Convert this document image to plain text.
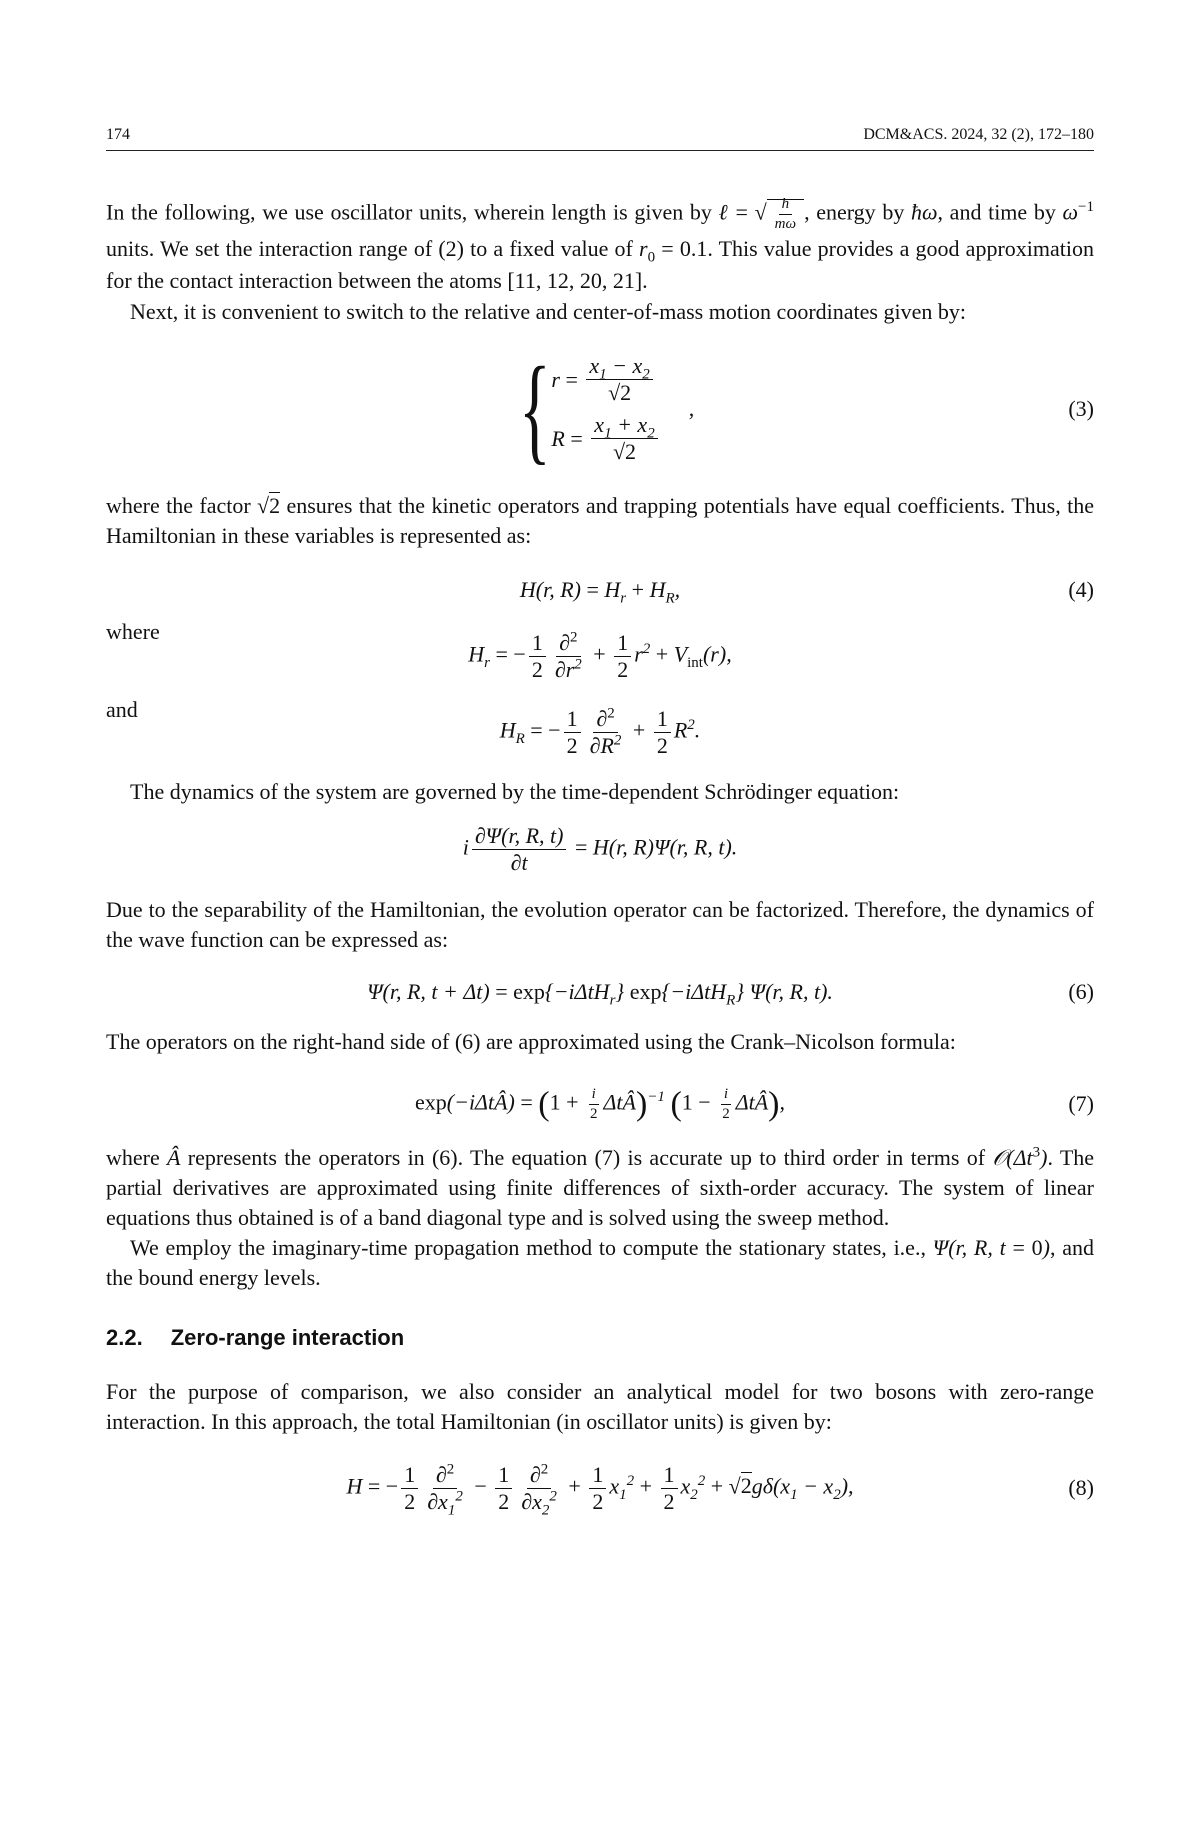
174	DCM&ACS. 2024, 32 (2), 172–180

In the following, we use oscillator units, wherein length is given by ℓ = √ $\frac{ħ}{m\omega}$ , energy by ħω, and time by $\omega^{-1}$ units. We set the interaction range of (2) to a fixed value of $r_0 = 0.1$. This value provides a good approximation for the contact interaction between the atoms [11, 12, 20, 21].

Next, it is convenient to switch to the relative and center-of-mass motion coordinates given by:

{ r
=
$\frac{x_1 - x_2}{√2}$
R
=
$\frac{x_1 + x_2}{√2}$
,	(3)

where the factor √2 ensures that the kinetic operators and trapping potentials have equal coefficients. Thus, the Hamiltonian in these variables is represented as:

H(r, $R) = H_r + H_R$,	(4)
where
$H_r$ = − $\frac{1}{2} \frac{\partial^2}{\partial r^2} + \frac{1}{2} r^2 + V_{int}(r)$,
and
$H_R$ = − $\frac{1}{2} \frac{\partial^2}{\partial R^2} + \frac{1}{2} R^2$.

The dynamics of the system are governed by the time-dependent Schrödinger equation:

i $\frac{\partial\Psi(r, R, t)}{\partial t} = H(r$, R)Ψ(r, R, t).

Due to the separability of the Hamiltonian, the evolution operator can be factorized. Therefore, the dynamics of the wave function can be expressed as:

Ψ(r, R, t + Δt) = exp{−iΔtH$_r$} exp{−iΔtH$_R$} Ψ(r, R, t).	(6)

The operators on the right-hand side of (6) are approximated using the Crank–Nicolson formula:

exp(−iΔtÂ) = ($1 + \frac{i}{2}$ ΔtÂ)$^{-1}$ ($1 - \frac{i}{2}$ ΔtÂ),	(7)

where Â represents the operators in (6). The equation (7) is accurate up to third order in terms of $𝒪(\Delta t^3)$. The partial derivatives are approximated using finite differences of sixth-order accuracy. The system of linear equations thus obtained is of a band diagonal type and is solved using the sweep method.

We employ the imaginary-time propagation method to compute the stationary states, i.e., Ψ(r, R, t = 0), and the bound energy levels.

2.2. Zero-range interaction

For the purpose of comparison, we also consider an analytical model for two bosons with zero-range interaction. In this approach, the total Hamiltonian (in oscillator units) is given by:

H = − $\frac{1}{2} \frac{\partial^2}{\partial x_1^2} - \frac{1}{2} \frac{\partial^2}{\partial x_2^2} + \frac{1}{2} x_1^2 + \frac{1}{2} x_2^2 + √2g\delta(x_1 - x_2)$,	(8)
